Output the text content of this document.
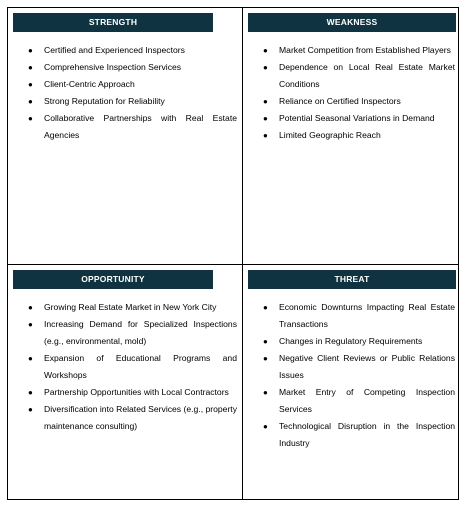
STRENGTH
● Certified and Experienced Inspectors
● Comprehensive Inspection Services
● Client-Centric Approach
● Strong Reputation for Reliability
● Collaborative Partnerships with Real Estate Agencies
WEAKNESS
● Market Competition from Established Players
● Dependence on Local Real Estate Market Conditions
● Reliance on Certified Inspectors
● Potential Seasonal Variations in Demand
● Limited Geographic Reach
OPPORTUNITY
● Growing Real Estate Market in New York City
● Increasing Demand for Specialized Inspections (e.g., environmental, mold)
● Expansion of Educational Programs and Workshops
● Partnership Opportunities with Local Contractors
● Diversification into Related Services (e.g., property maintenance consulting)
THREAT
● Economic Downturns Impacting Real Estate Transactions
● Changes in Regulatory Requirements
● Negative Client Reviews or Public Relations Issues
● Market Entry of Competing Inspection Services
● Technological Disruption in the Inspection Industry
